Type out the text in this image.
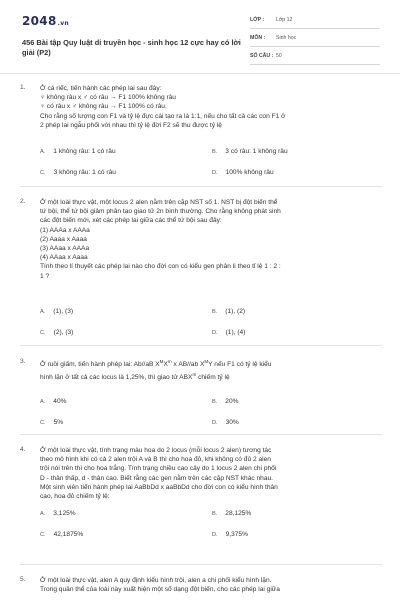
2048.vn
456 Bài tập Quy luật di truyền học - sinh học 12 cực hay có lời giải (P2)
LỚP : Lớp 12
MÔN : Sinh học
SỐ CÂU : 50
1. Ở cá riếc, tiến hành các phép lai sau đây:
♀ không râu x ♂ có râu → F1 100% không râu
♀ có râu x ♂ không râu → F1 100% có râu.
Cho rằng số lượng con F1 và tỷ lệ đực cái tạo ra là 1:1, nếu cho tất cả các con F1 ở
2 phép lai ngẫu phối với nhau thì tỷ lệ đời F2 sẽ thu được tỷ lệ
A. 1 không râu: 1 có râu	B. 3 có râu: 1 không râu
C. 3 không râu: 1 có râu	D. 100% không râu
2. Ở một loài thực vật, một locus 2 alen nằm trên cặp NST số 1. NST bị đột biến thể
tứ bội, thể tứ bội giảm phân tạo giao tử 2n bình thường. Cho rằng không phát sinh
các đột biến mới, xét các phép lai giữa các thể tứ bội sau đây:
(1) AAAa x AAAa
(2) Aaaa x Aaaa
(3) AAaa x AAAa
(4) AAaa x Aaaa
Tính theo lí thuyết các phép lai nào cho đời con có kiểu gen phân li theo tỉ lệ 1 : 2 :
1 ?
A. (1), (3)	B. (1), (2)
C. (2), (3)	D. (1), (4)
3. Ở ruồi giấm, tiến hành phép lai: Ab//aB $X^MX^m$ x AB//ab $X^MY$ nếu F1 có tỷ lệ kiểu
hình lặn ở tất cả các locus là 1,25%, thì giao tử ABX$^m$ chiếm tỷ lệ
A. 40%	B. 20%
C. 5%	D. 30%
4. Ở một loài thực vật, tính trạng màu hoa do 2 locus (mỗi locus 2 alen) tương tác
theo mô hình khi có cả 2 alen trội A và B thì cho hoa đỏ, khi không có đủ 2 alen
trội nói trên thì cho hoa trắng. Tính trạng chiều cao cây do 1 locus 2 alen chi phối
D - thân thấp, d - thân cao. Biết rằng các gen nằm trên các cặp NST khác nhau.
Một sinh viên tiến hành phép lai AaBbDd x aaBbDd cho đời con có kiểu hình thân
cao, hoa đỏ chiếm tỷ lệ:
A. 3,125%	B. 28,125%
C. 42,1875%	D. 9,375%
5. Ở một loài thực vật, alen A quy định kiểu hình trội, alen a chi phối kiểu hình lặn.
Trong quần thể của loài này xuất hiện một số dạng đột biến, cho các phép lai giữa
